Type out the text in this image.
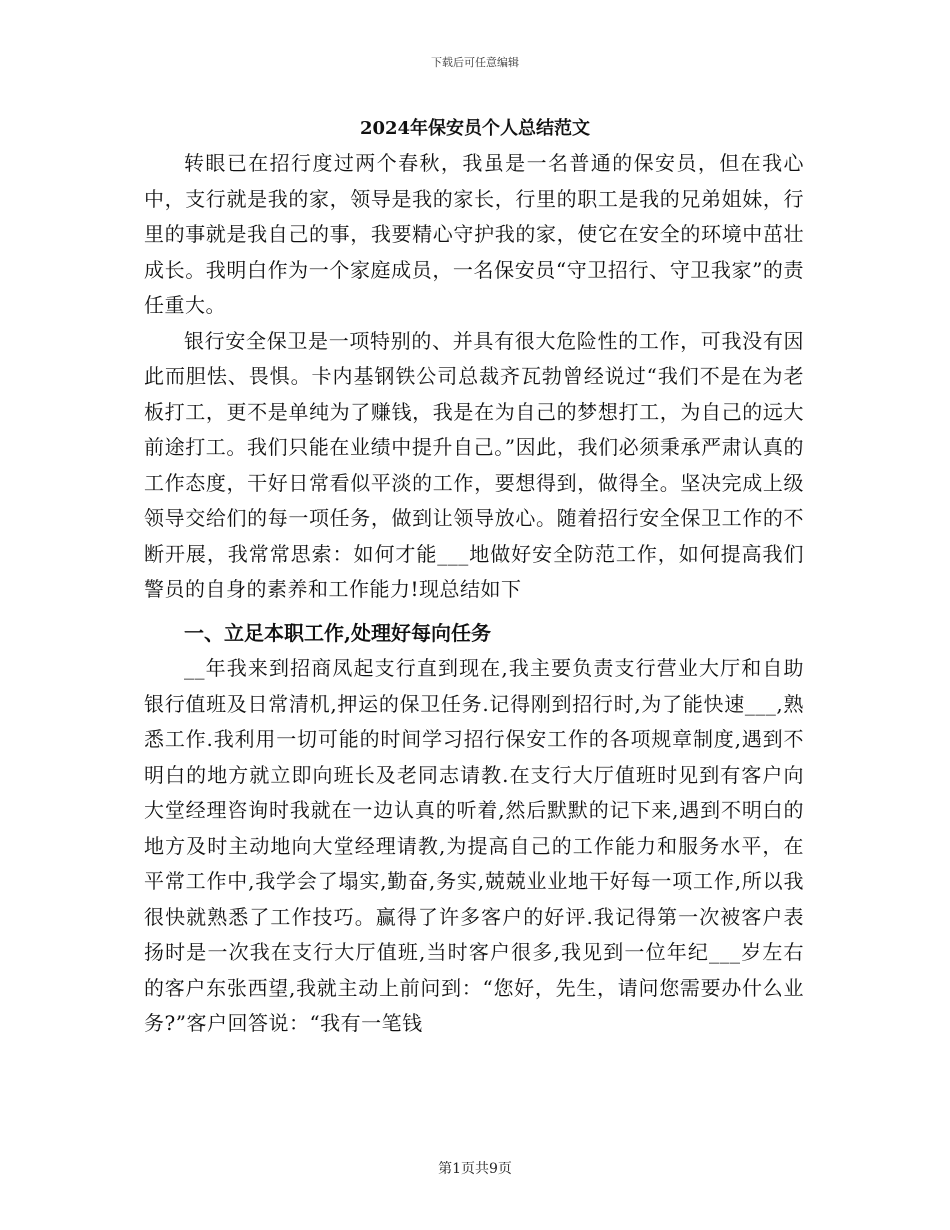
下载后可任意编辑
2024年保安员个人总结范文

转眼已在招行度过两个春秋，我虽是一名普通的保安员，但在我心中，支行就是我的家，领导是我的家长，行里的职工是我的兄弟姐妹，行里的事就是我自己的事，我要精心守护我的家，使它在安全的环境中茁壮成长。我明白作为一个家庭成员，一名保安员“守卫招行、守卫我家”的责任重大。

银行安全保卫是一项特别的、并具有很大危险性的工作，可我没有因此而胆怯、畏惧。卡内基钢铁公司总裁齐瓦勃曾经说过“我们不是在为老板打工，更不是单纯为了赚钱，我是在为自己的梦想打工，为自己的远大前途打工。我们只能在业绩中提升自己。”因此，我们必须秉承严肃认真的工作态度，干好日常看似平淡的工作，要想得到，做得全。坚决完成上级领导交给们的每一项任务，做到让领导放心。随着招行安全保卫工作的不断开展，我常常思索：如何才能___地做好安全防范工作，如何提高我们警员的自身的素养和工作能力!现总结如下

一、立足本职工作,处理好每向任务

__年我来到招商凤起支行直到现在,我主要负责支行营业大厅和自助银行值班及日常清机,押运的保卫任务.记得刚到招行时,为了能快速___,熟悉工作.我利用一切可能的时间学习招行保安工作的各项规章制度,遇到不明白的地方就立即向班长及老同志请教.在支行大厅值班时见到有客户向大堂经理咨询时我就在一边认真的听着,然后默默的记下来,遇到不明白的地方及时主动地向大堂经理请教,为提高自己的工作能力和服务水平，在平常工作中,我学会了塌实,勤奋,务实,兢兢业业地干好每一项工作,所以我很快就熟悉了工作技巧。赢得了许多客户的好评.我记得第一次被客户表扬时是一次我在支行大厅值班,当时客户很多,我见到一位年纪___岁左右的客户东张西望,我就主动上前问到：“您好，先生，请问您需要办什么业务?”客户回答说：“我有一笔钱

第1页共9页
